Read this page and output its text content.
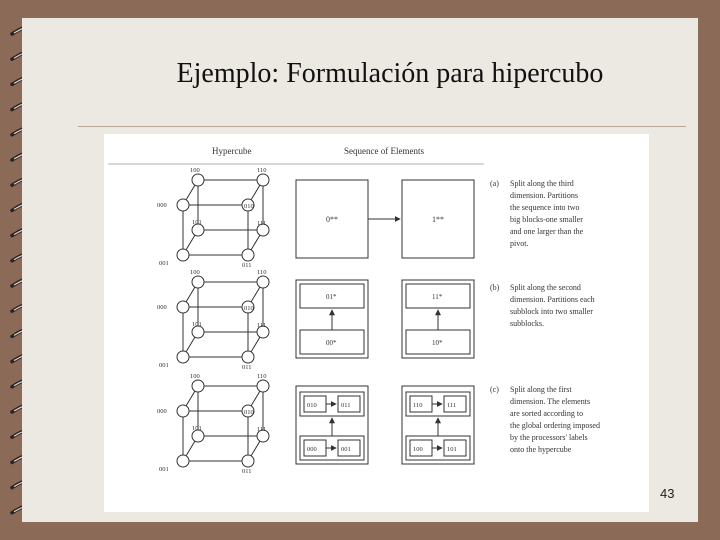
Ejemplo: Formulación para hipercubo
Hypercube	Sequence of Elements
0**	1**
01*
00*
11*
10*
010	011
000	001
110	111
100	101
(a) Split along the third
dimension. Partitions
the sequence into two
big blocks-one smaller
and one larger than the
pivot.
(b) Split along the second
dimension. Partitions each
subblock into two smaller
subblocks.
(c) Split along the first
dimension. The elements
are sorted according to
the global ordering imposed
by the processors' labels
onto the hypercube
100	110
000	010
101	111
001	011
100	110
000	010
101	111
001	011
100	110
000	010
101	111
001	011
43
